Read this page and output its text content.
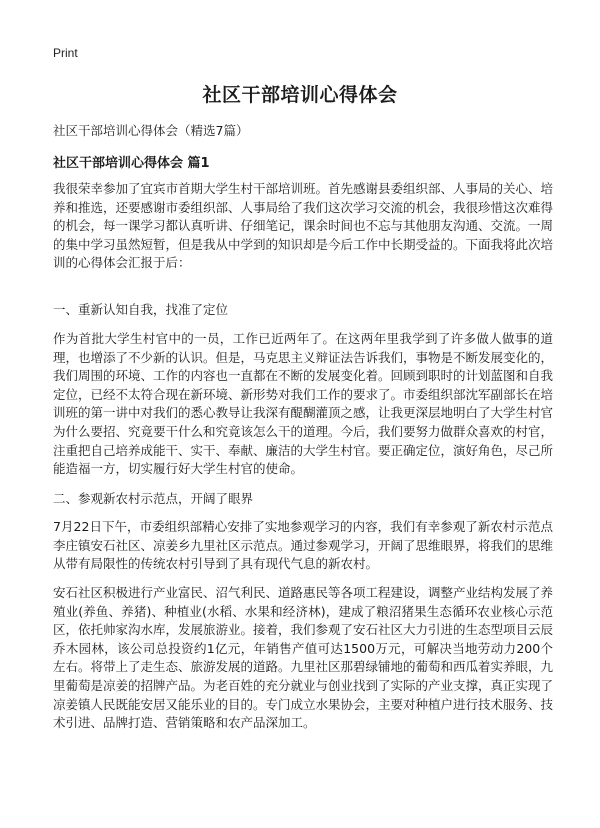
Print
社区干部培训心得体会
社区干部培训心得体会（精选7篇）
社区干部培训心得体会 篇1

我很荣幸参加了宜宾市首期大学生村干部培训班。首先感谢县委组织部、人事局的关心、培养和推选，还要感谢市委组织部、人事局给了我们这次学习交流的机会，我很珍惜这次难得的机会，每一课学习都认真听讲、仔细笔记，课余时间也不忘与其他朋友沟通、交流。一周的集中学习虽然短暂，但是我从中学到的知识却是今后工作中长期受益的。下面我将此次培训的心得体会汇报于后：

一、重新认知自我，找准了定位

作为首批大学生村官中的一员，工作已近两年了。在这两年里我学到了许多做人做事的道理，也增添了不少新的认识。但是，马克思主义辩证法告诉我们，事物是不断发展变化的，我们周围的环境、工作的内容也一直都在不断的发展变化着。回顾到职时的计划蓝图和自我定位，已经不太符合现在新环境、新形势对我们工作的要求了。市委组织部沈军副部长在培训班的第一讲中对我们的悉心教导让我深有醍醐灌顶之感，让我更深层地明白了大学生村官为什么要招、究竟要干什么和究竟该怎么干的道理。今后，我们要努力做群众喜欢的村官，注重把自己培养成能干、实干、奉献、廉洁的大学生村官。要正确定位，演好角色，尽己所能造福一方，切实履行好大学生村官的使命。

二、参观新农村示范点，开阔了眼界

7月22日下午，市委组织部精心安排了实地参观学习的内容，我们有幸参观了新农村示范点李庄镇安石社区、凉姜乡九里社区示范点。通过参观学习，开阔了思维眼界，将我们的思维从带有局限性的传统农村引导到了具有现代气息的新农村。

安石社区积极进行产业富民、沼气利民、道路惠民等各项工程建设，调整产业结构发展了养殖业(养鱼、养猪)、种植业(水稻、水果和经济林)，建成了粮沼猪果生态循环农业核心示范区，依托帅家沟水库，发展旅游业。接着，我们参观了安石社区大力引进的生态型项目云辰乔木园林，该公司总投资约1亿元，年销售产值可达1500万元，可解决当地劳动力200个左右。将带上了走生态、旅游发展的道路。九里社区那碧绿铺地的葡萄和西瓜着实养眼，九里葡萄是凉姜的招牌产品。为老百姓的充分就业与创业找到了实际的产业支撑，真正实现了凉姜镇人民既能安居又能乐业的目的。专门成立水果协会，主要对种植户进行技术服务、技术引进、品牌打造、营销策略和农产品深加工。
